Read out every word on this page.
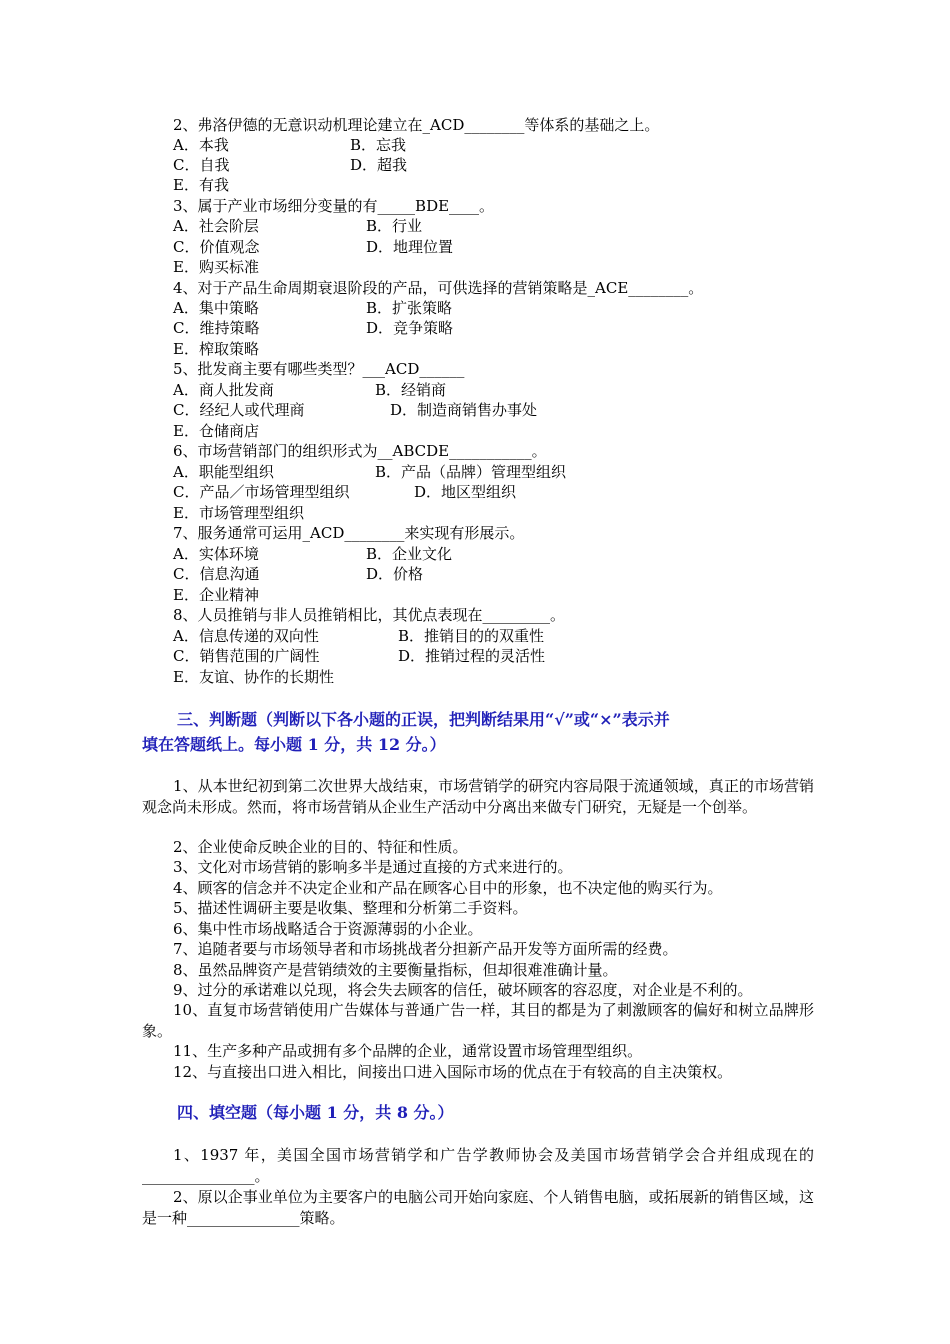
2、弗洛伊德的无意识动机理论建立在_ACD________等体系的基础之上。
A．本我	B．忘我
C．自我	D．超我
E．有我
3、属于产业市场细分变量的有_____BDE____。
A．社会阶层	B．行业
C．价值观念	D．地理位置
E．购买标准
4、对于产品生命周期衰退阶段的产品，可供选择的营销策略是_ACE________。
A．集中策略	B．扩张策略
C．维持策略	D．竞争策略
E．榨取策略
5、批发商主要有哪些类型？___ACD______
A．商人批发商	B．经销商
C．经纪人或代理商	D．制造商销售办事处
E．仓储商店
6、市场营销部门的组织形式为__ABCDE___________。
A．职能型组织	B．产品（品牌）管理型组织
C．产品／市场管理型组织	D．地区型组织
E．市场管理型组织
7、服务通常可运用_ACD________来实现有形展示。
A．实体环境	B．企业文化
C．信息沟通	D．价格
E．企业精神
8、人员推销与非人员推销相比，其优点表现在_________。
A．信息传递的双向性	B．推销目的的双重性
C．销售范围的广阔性	D．推销过程的灵活性
E．友谊、协作的长期性
三、判断题（判断以下各小题的正误，把判断结果用“√”或“×”表示并
填在答题纸上。每小题 1 分，共 12 分。）
1、从本世纪初到第二次世界大战结束，市场营销学的研究内容局限于流通领域，真正的市场营销观念尚未形成。然而，将市场营销从企业生产活动中分离出来做专门研究，无疑是一个创举。
2、企业使命反映企业的目的、特征和性质。
3、文化对市场营销的影响多半是通过直接的方式来进行的。
4、顾客的信念并不决定企业和产品在顾客心目中的形象，也不决定他的购买行为。
5、描述性调研主要是收集、整理和分析第二手资料。
6、集中性市场战略适合于资源薄弱的小企业。
7、追随者要与市场领导者和市场挑战者分担新产品开发等方面所需的经费。
8、虽然品牌资产是营销绩效的主要衡量指标，但却很难准确计量。
9、过分的承诺难以兑现，将会失去顾客的信任，破坏顾客的容忍度，对企业是不利的。
10、直复市场营销使用广告媒体与普通广告一样，其目的都是为了刺激顾客的偏好和树立品牌形象。
11、生产多种产品或拥有多个品牌的企业，通常设置市场管理型组织。
12、与直接出口进入相比，间接出口进入国际市场的优点在于有较高的自主决策权。
四、填空题（每小题 1 分，共 8 分。）
1、1937 年，美国全国市场营销学和广告学教师协会及美国市场营销学会合并组成现在的_______________。
2、原以企事业单位为主要客户的电脑公司开始向家庭、个人销售电脑，或拓展新的销售区域，这是一种_______________策略。
